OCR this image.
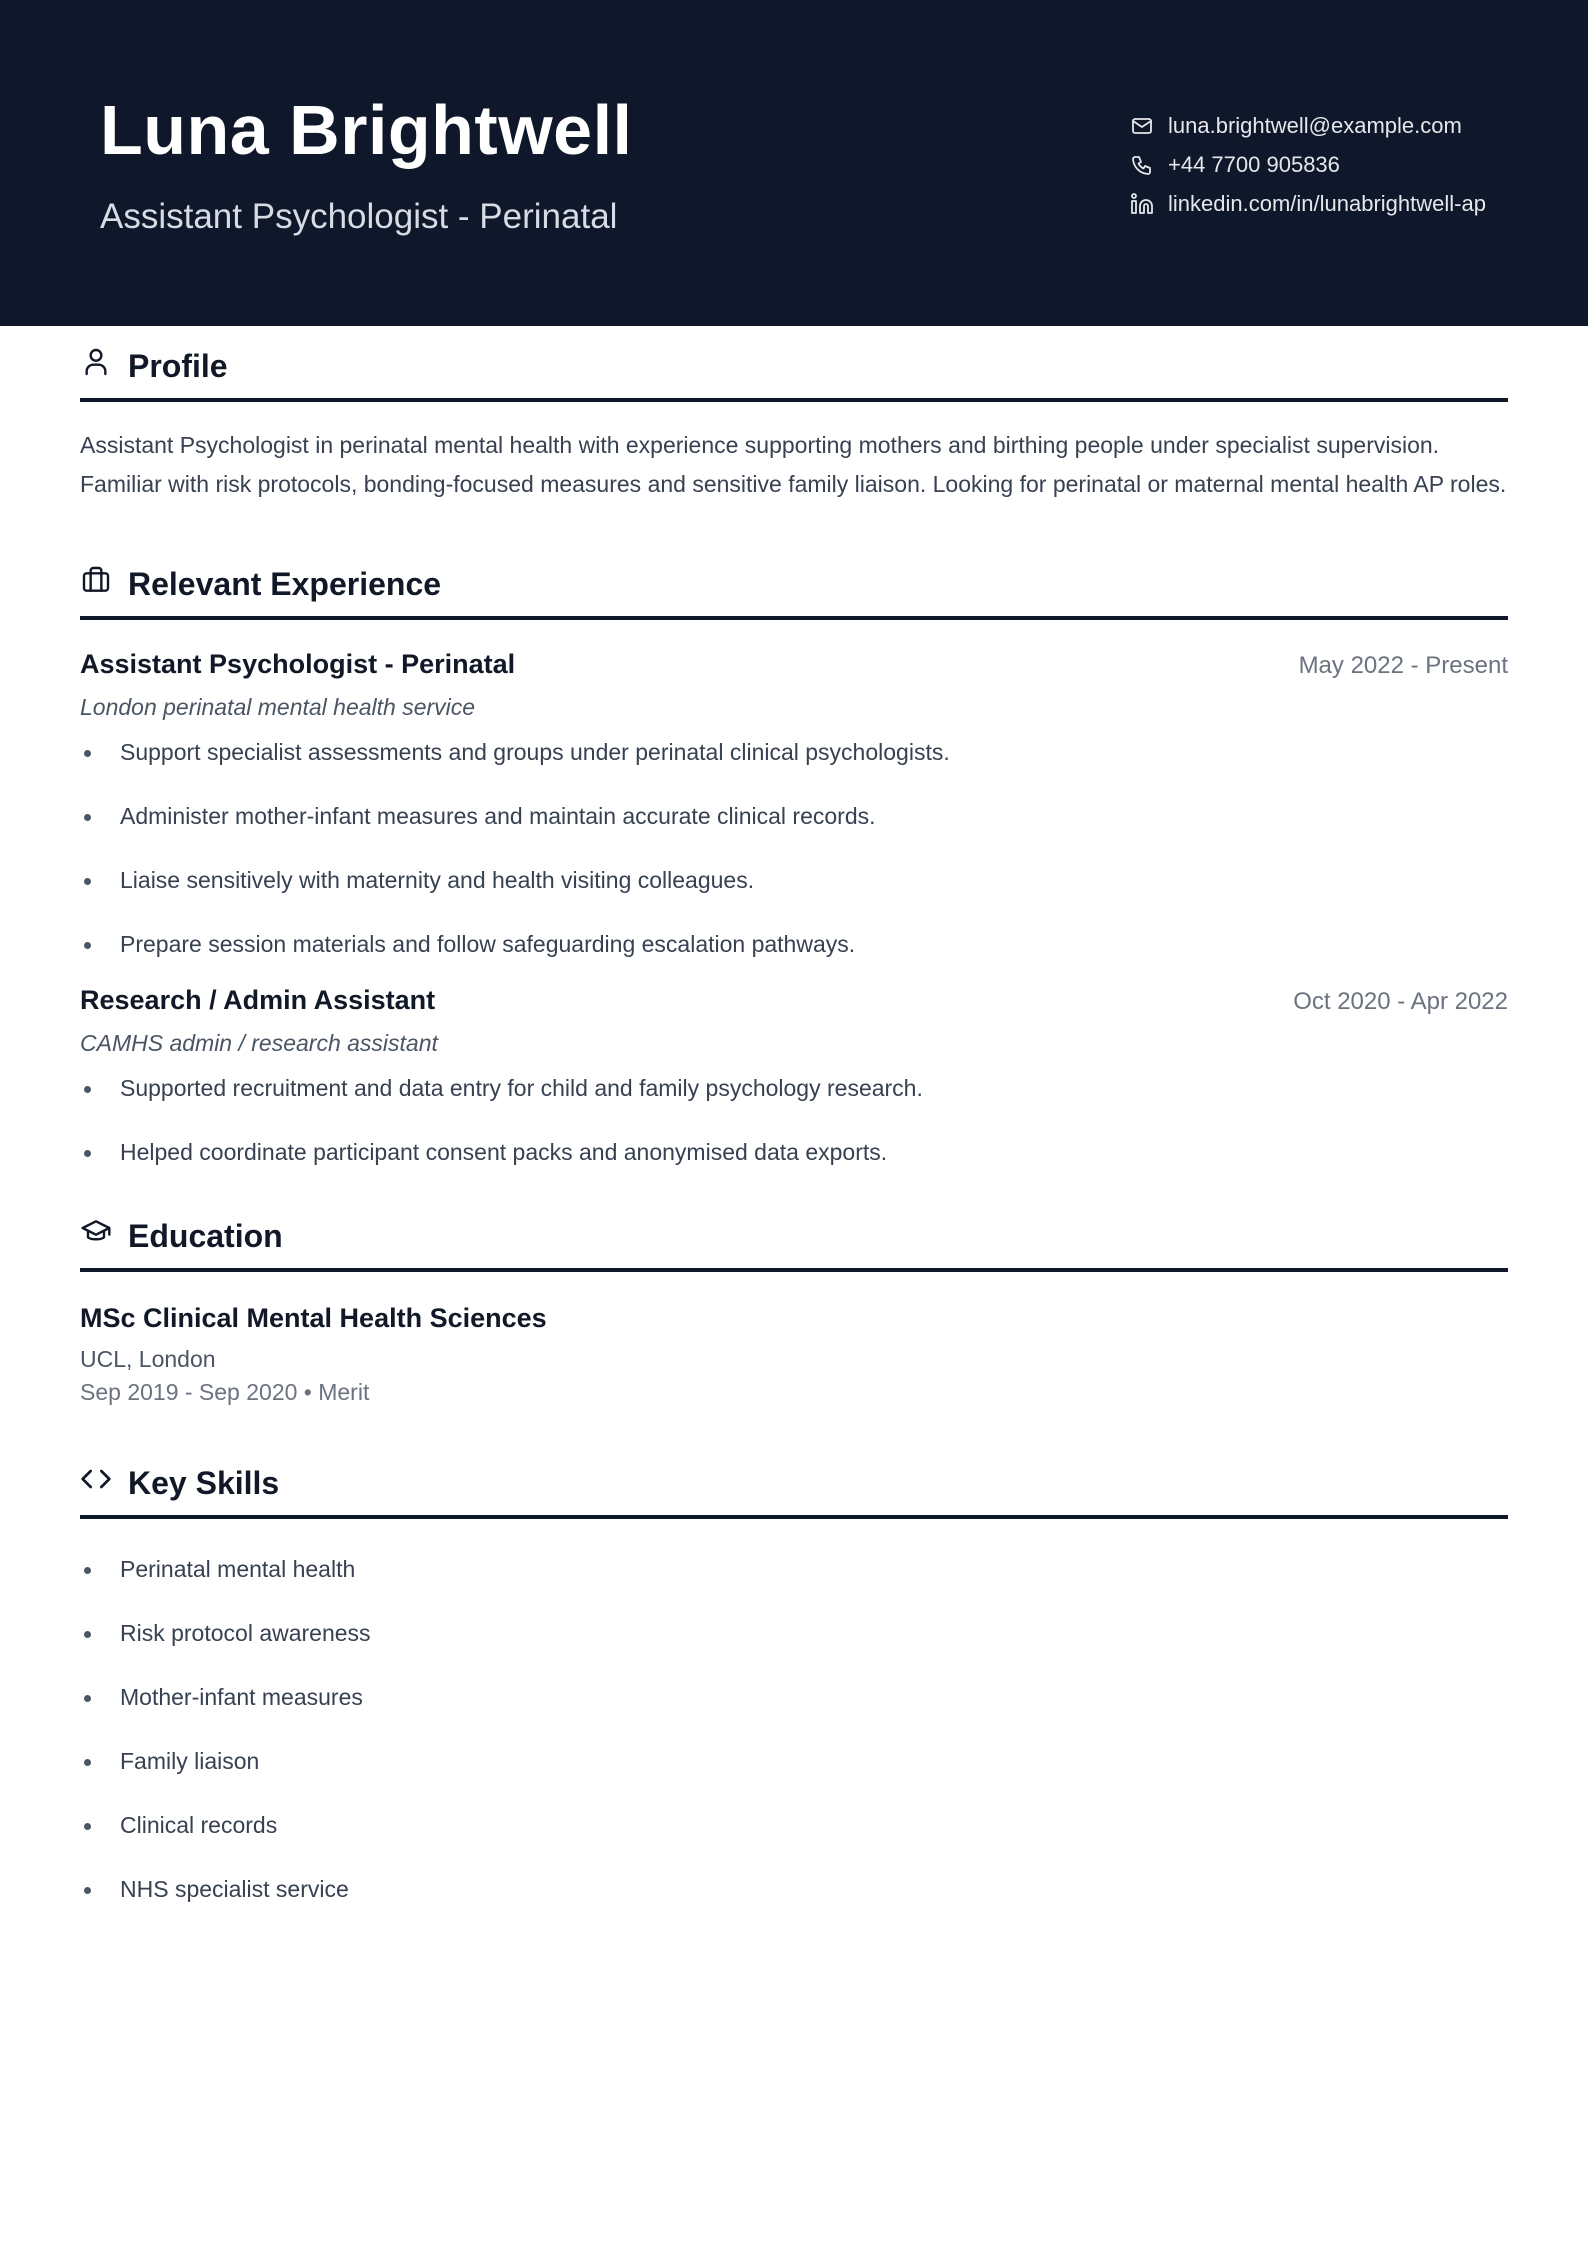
Luna Brightwell
Assistant Psychologist - Perinatal
luna.brightwell@example.com
+44 7700 905836
linkedin.com/in/lunabrightwell-ap
Profile

Assistant Psychologist in perinatal mental health with experience supporting mothers and birthing people under specialist supervision. Familiar with risk protocols, bonding-focused measures and sensitive family liaison. Looking for perinatal or maternal mental health AP roles.

Relevant Experience
Assistant Psychologist - Perinatal	May 2022 - Present
London perinatal mental health service
Support specialist assessments and groups under perinatal clinical psychologists.
Administer mother-infant measures and maintain accurate clinical records.
Liaise sensitively with maternity and health visiting colleagues.
Prepare session materials and follow safeguarding escalation pathways.
Research / Admin Assistant	Oct 2020 - Apr 2022
CAMHS admin / research assistant
Supported recruitment and data entry for child and family psychology research.
Helped coordinate participant consent packs and anonymised data exports.
Education
MSc Clinical Mental Health Sciences
UCL, London
Sep 2019 - Sep 2020 • Merit
Key Skills
Perinatal mental health
Risk protocol awareness
Mother-infant measures
Family liaison
Clinical records
NHS specialist service
